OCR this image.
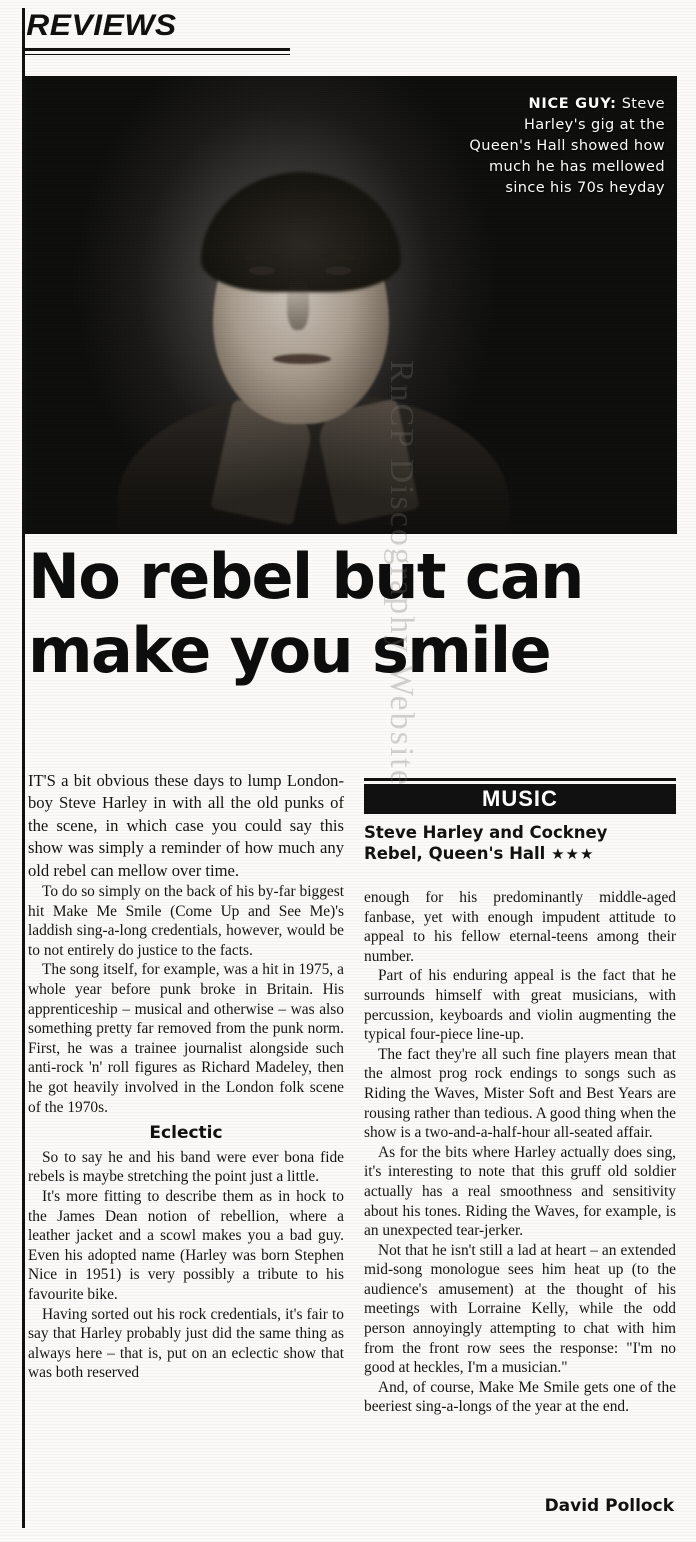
REVIEWS
NICE GUY: Steve Harley's gig at the Queen's Hall showed how much he has mellowed since his 70s heyday
No rebel but can
make you smile

IT'S a bit obvious these days to lump London-boy Steve Harley in with all the old punks of the scene, in which case you could say this show was simply a reminder of how much any old rebel can mellow over time.

To do so simply on the back of his by-far biggest hit Make Me Smile (Come Up and See Me)'s laddish sing-a-long credentials, however, would be to not entirely do justice to the facts.

The song itself, for example, was a hit in 1975, a whole year before punk broke in Britain. His apprenticeship – musical and otherwise – was also something pretty far removed from the punk norm. First, he was a trainee journalist alongside such anti-rock 'n' roll figures as Richard Madeley, then he got heavily involved in the London folk scene of the 1970s.

Eclectic

So to say he and his band were ever bona fide rebels is maybe stretching the point just a little.

It's more fitting to describe them as in hock to the James Dean notion of rebellion, where a leather jacket and a scowl makes you a bad guy. Even his adopted name (Harley was born Stephen Nice in 1951) is very possibly a tribute to his favourite bike.

Having sorted out his rock credentials, it's fair to say that Harley probably just did the same thing as always here – that is, put on an eclectic show that was both reserved

MUSIC
Steve Harley and Cockney
Rebel, Queen's Hall ★★★

enough for his predominantly middle-aged fanbase, yet with enough impudent attitude to appeal to his fellow eternal-teens among their number.

Part of his enduring appeal is the fact that he surrounds himself with great musicians, with percussion, keyboards and violin augmenting the typical four-piece line-up.

The fact they're all such fine players mean that the almost prog rock endings to songs such as Riding the Waves, Mister Soft and Best Years are rousing rather than tedious. A good thing when the show is a two-and-a-half-hour all-seated affair.

As for the bits where Harley actually does sing, it's interesting to note that this gruff old soldier actually has a real smoothness and sensitivity about his tones. Riding the Waves, for example, is an unexpected tear-jerker.

Not that he isn't still a lad at heart – an extended mid-song monologue sees him heat up (to the audience's amusement) at the thought of his meetings with Lorraine Kelly, while the odd person annoyingly attempting to chat with him from the front row sees the response: "I'm no good at heckles, I'm a musician."

And, of course, Make Me Smile gets one of the beeriest sing-a-longs of the year at the end.

David Pollock
RnCP Discography Website
